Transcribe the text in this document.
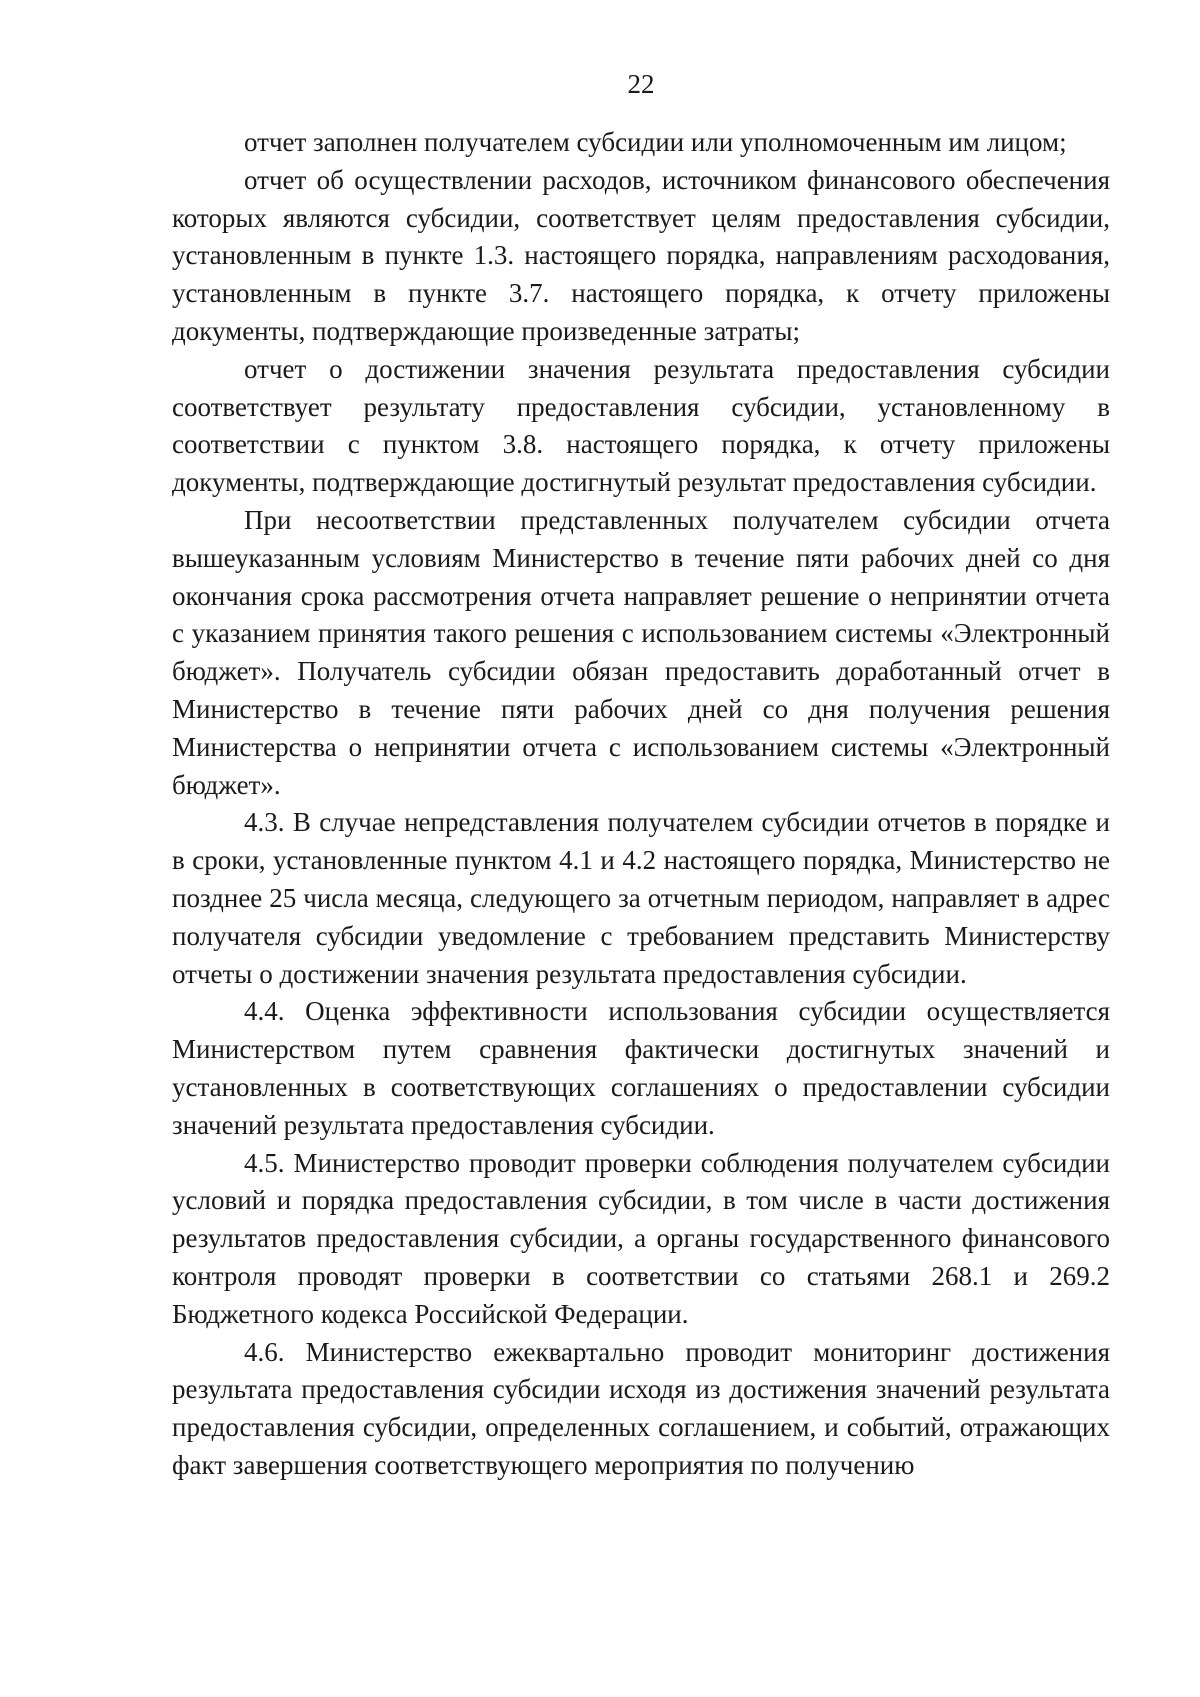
22

отчет заполнен получателем субсидии или уполномоченным им лицом;

отчет об осуществлении расходов, источником финансового обеспечения которых являются субсидии, соответствует целям предоставления субсидии, установленным в пункте 1.3. настоящего порядка, направлениям расходования, установленным в пункте 3.7. настоящего порядка, к отчету приложены документы, подтверждающие произведенные затраты;

отчет о достижении значения результата предоставления субсидии соответствует результату предоставления субсидии, установленному в соответствии с пунктом 3.8. настоящего порядка, к отчету приложены документы, подтверждающие достигнутый результат предоставления субсидии.

При несоответствии представленных получателем субсидии отчета вышеуказанным условиям Министерство в течение пяти рабочих дней со дня окончания срока рассмотрения отчета направляет решение о непринятии отчета с указанием принятия такого решения с использованием системы «Электронный бюджет». Получатель субсидии обязан предоставить доработанный отчет в Министерство в течение пяти рабочих дней со дня получения решения Министерства о непринятии отчета с использованием системы «Электронный бюджет».

4.3. В случае непредставления получателем субсидии отчетов в порядке и в сроки, установленные пунктом 4.1 и 4.2 настоящего порядка, Министерство не позднее 25 числа месяца, следующего за отчетным периодом, направляет в адрес получателя субсидии уведомление с требованием представить Министерству отчеты о достижении значения результата предоставления субсидии.

4.4. Оценка эффективности использования субсидии осуществляется Министерством путем сравнения фактически достигнутых значений и установленных в соответствующих соглашениях о предоставлении субсидии значений результата предоставления субсидии.

4.5. Министерство проводит проверки соблюдения получателем субсидии условий и порядка предоставления субсидии, в том числе в части достижения результатов предоставления субсидии, а органы государственного финансового контроля проводят проверки в соответствии со статьями 268.1 и 269.2 Бюджетного кодекса Российской Федерации.

4.6. Министерство ежеквартально проводит мониторинг достижения результата предоставления субсидии исходя из достижения значений результата предоставления субсидии, определенных соглашением, и событий, отражающих факт завершения соответствующего мероприятия по получению
